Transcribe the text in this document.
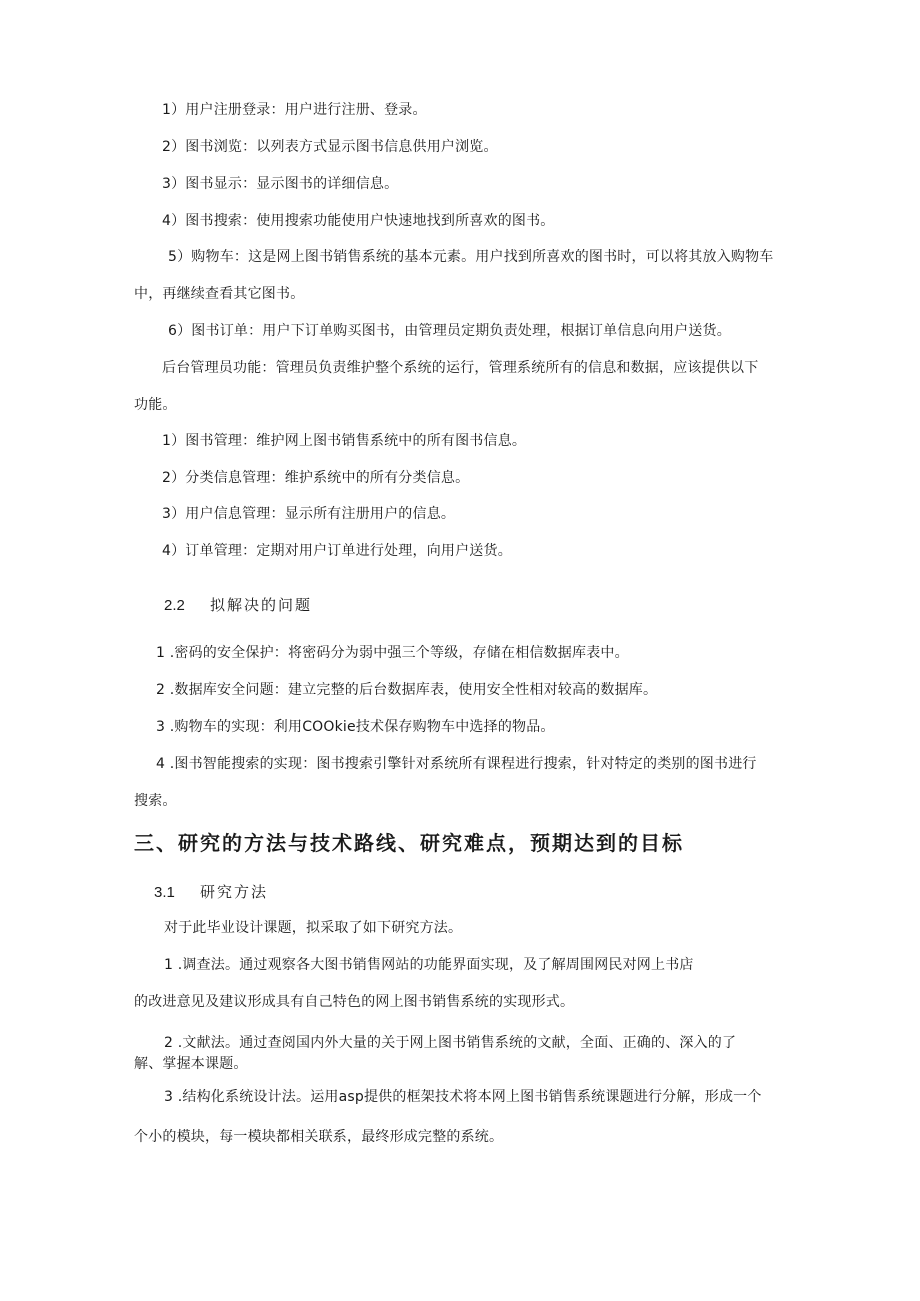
1）用户注册登录：用户进行注册、登录。
2）图书浏览：以列表方式显示图书信息供用户浏览。
3）图书显示：显示图书的详细信息。
4）图书搜索：使用搜索功能使用户快速地找到所喜欢的图书。
5）购物车：这是网上图书销售系统的基本元素。用户找到所喜欢的图书时，可以将其放入购物车
中，再继续查看其它图书。
6）图书订单：用户下订单购买图书，由管理员定期负责处理，根据订单信息向用户送货。
后台管理员功能：管理员负责维护整个系统的运行，管理系统所有的信息和数据，应该提供以下
功能。
1）图书管理：维护网上图书销售系统中的所有图书信息。
2）分类信息管理：维护系统中的所有分类信息。
3）用户信息管理：显示所有注册用户的信息。
4）订单管理：定期对用户订单进行处理，向用户送货。
2.2 拟解决的问题
1 .密码的安全保护：将密码分为弱中强三个等级，存储在相信数据库表中。
2 .数据库安全问题：建立完整的后台数据库表，使用安全性相对较高的数据库。
3 .购物车的实现：利用COOkie技术保存购物车中选择的物品。
4 .图书智能搜索的实现：图书搜索引擎针对系统所有课程进行搜索，针对特定的类别的图书进行
搜索。
三、研究的方法与技术路线、研究难点，预期达到的目标
3.1 研究方法
对于此毕业设计课题，拟采取了如下研究方法。
1 .调查法。通过观察各大图书销售网站的功能界面实现，及了解周围网民对网上书店
的改进意见及建议形成具有自己特色的网上图书销售系统的实现形式。
2 .文献法。通过查阅国内外大量的关于网上图书销售系统的文献，全面、正确的、深入的了
解、掌握本课题。
3 .结构化系统设计法。运用asp提供的框架技术将本网上图书销售系统课题进行分解，形成一个
个小的模块，每一模块都相关联系，最终形成完整的系统。
